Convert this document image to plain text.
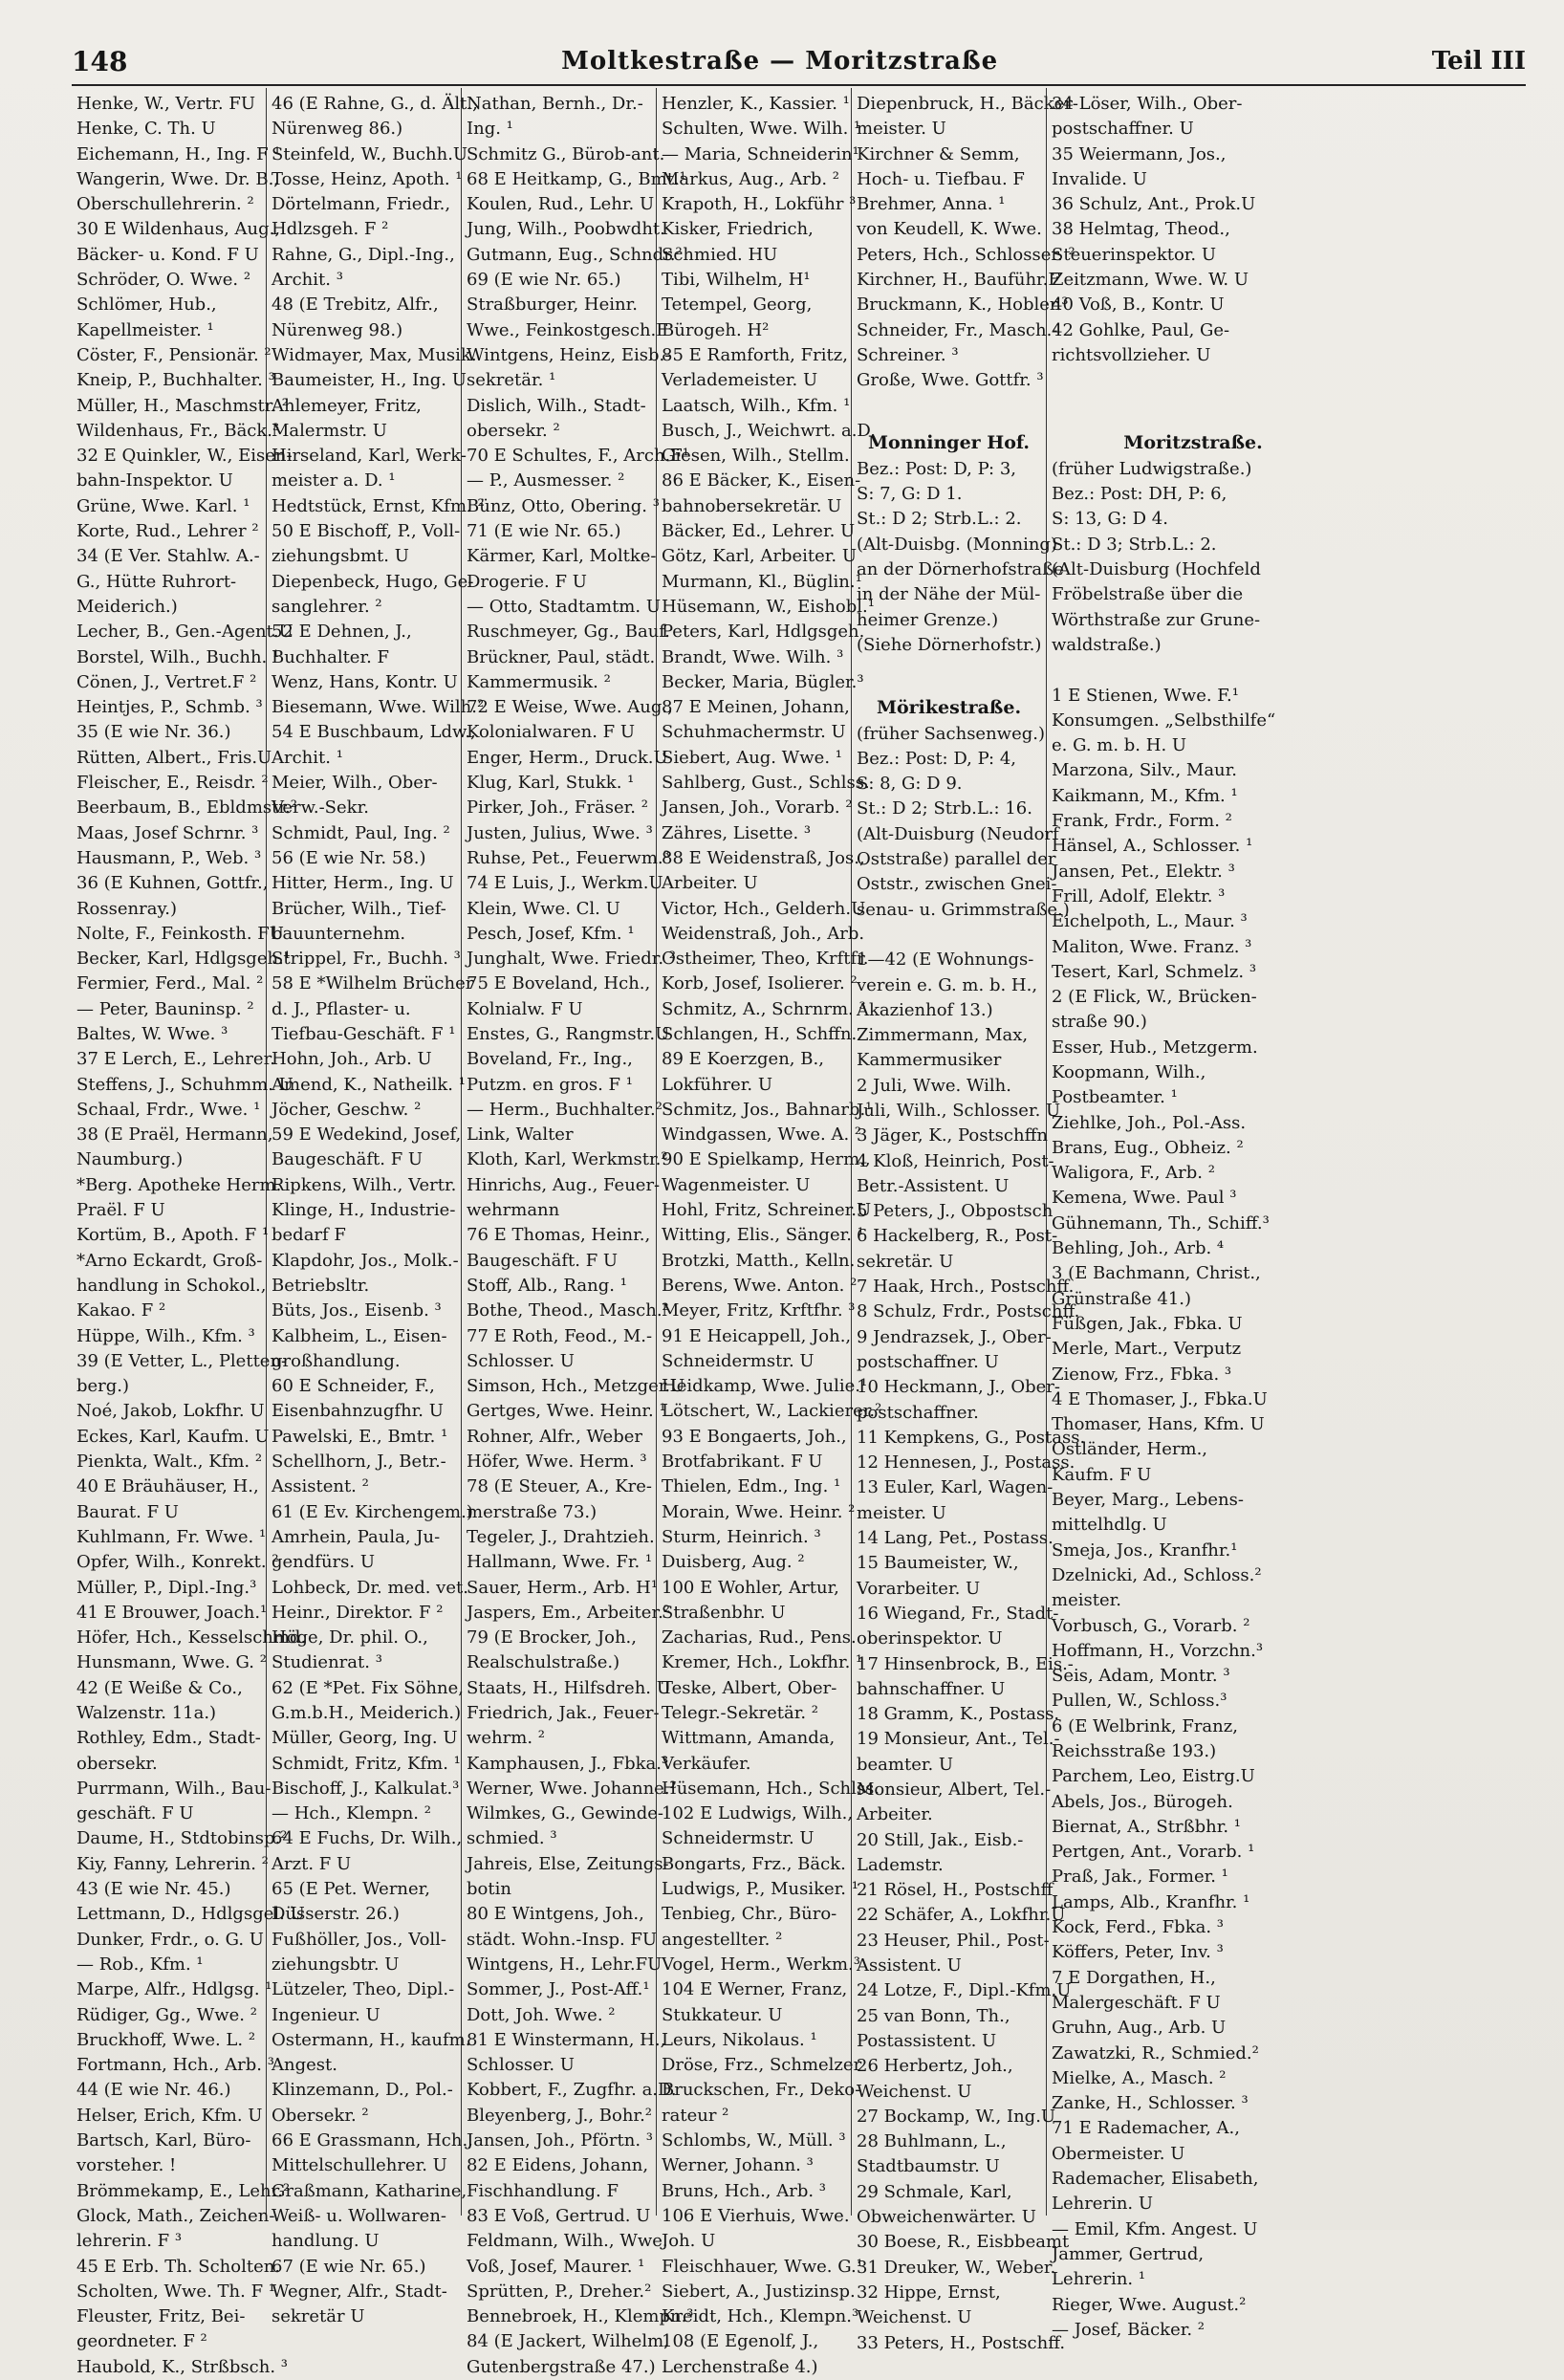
148	Moltkestraße — Moritzstraße	Teil III
Henke, W., Vertr. FU
Henke, C. Th. U
Eichemann, H., Ing. F ¹
Wangerin, Wwe. Dr. B.,
Oberschullehrerin. ²
30 E Wildenhaus, Aug.,
Bäcker- u. Kond. F U
Schröder, O. Wwe. ²
Schlömer, Hub.,
Kapellmeister. ¹
Cöster, F., Pensionär. ²
Kneip, P., Buchhalter. ³
Müller, H., Maschmstr. ²
Wildenhaus, Fr., Bäck.³
32 E Quinkler, W., Eisen-
bahn-Inspektor. U
Grüne, Wwe. Karl. ¹
Korte, Rud., Lehrer ²
34 (E Ver. Stahlw. A.-
G., Hütte Ruhrort-
Meiderich.)
Lecher, B., Gen.-Agent.U
Borstel, Wilh., Buchh. ¹
Cönen, J., Vertret.F ²
Heintjes, P., Schmb. ³
35 (E wie Nr. 36.)
Rütten, Albert., Fris.U
Fleischer, E., Reisdr. ²
Beerbaum, B., Ebldmstr.²
Maas, Josef Schrnr. ³
Hausmann, P., Web. ³
36 (E Kuhnen, Gottfr.,
Rossenray.)
Nolte, F., Feinkosth. FU
Becker, Karl, Hdlgsgeh.¹
Fermier, Ferd., Mal. ²
— Peter, Bauninsp. ²
Baltes, W. Wwe. ³
37 E Lerch, E., Lehrer.
Steffens, J., Schuhmm. U
Schaal, Frdr., Wwe. ¹
38 (E Praël, Hermann,
Naumburg.)
*Berg. Apotheke Herm.
Praël. F U
Kortüm, B., Apoth. F ¹
*Arno Eckardt, Groß-
handlung in Schokol.,
Kakao. F ²
Hüppe, Wilh., Kfm. ³
39 (E Vetter, L., Pletten-
berg.)
Noé, Jakob, Lokfhr. U
Eckes, Karl, Kaufm. U
Pienkta, Walt., Kfm. ²
40 E Bräuhäuser, H.,
Baurat. F U
Kuhlmann, Fr. Wwe. ¹
Opfer, Wilh., Konrekt. ²
Müller, P., Dipl.-Ing.³
41 E Brouwer, Joach.¹
Höfer, Hch., Kesselschmd.
Hunsmann, Wwe. G. ²
42 (E Weiße & Co.,
Walzenstr. 11a.)
Rothley, Edm., Stadt-
obersekr.
Purrmann, Wilh., Bau-
geschäft. F U
Daume, H., Stdtobinsp.²
Kiy, Fanny, Lehrerin. ²
43 (E wie Nr. 45.)
Lettmann, D., Hdlgsgel. U
Dunker, Frdr., o. G. U
— Rob., Kfm. ¹
Marpe, Alfr., Hdlgsg. ¹
Rüdiger, Gg., Wwe. ²
Bruckhoff, Wwe. L. ²
Fortmann, Hch., Arb. ³
44 (E wie Nr. 46.)
Helser, Erich, Kfm. U
Bartsch, Karl, Büro-
vorsteher. !
Brömmekamp, E., Lehr.²
Glock, Math., Zeichen-
lehrerin. F ³
45 E Erb. Th. Scholten.
Scholten, Wwe. Th. F ¹
Fleuster, Fritz, Bei-
geordneter. F ²
Haubold, K., Strßbsch. ³
46 (E Rahne, G., d. Ält.,
Nürenweg 86.)
Steinfeld, W., Buchh.U
Tosse, Heinz, Apoth. ¹
Dörtelmann, Friedr.,
Hdlzsgeh. F ²
Rahne, G., Dipl.-Ing.,
Archit. ³
48 (E Trebitz, Alfr.,
Nürenweg 98.)
Widmayer, Max, Musik.
Baumeister, H., Ing. U
Ahlemeyer, Fritz,
Malermstr. U
Hirseland, Karl, Werk-
meister a. D. ¹
Hedtstück, Ernst, Kfm. ²
50 E Bischoff, P., Voll-
ziehungsbmt. U
Diepenbeck, Hugo, Ge-
sanglehrer. ²
52 E Dehnen, J.,
Buchhalter. F
Wenz, Hans, Kontr. U
Biesemann, Wwe. Wilh.²
54 E Buschbaum, Ldw.,
Archit. ¹
Meier, Wilh., Ober-
Verw.-Sekr.
Schmidt, Paul, Ing. ²
56 (E wie Nr. 58.)
Hitter, Herm., Ing. U
Brücher, Wilh., Tief-
bauunternehm.
Strippel, Fr., Buchh. ³
58 E *Wilhelm Brücher
d. J., Pflaster- u.
Tiefbau-Geschäft. F ¹
Hohn, Joh., Arb. U
Amend, K., Natheilk. ¹
Jöcher, Geschw. ²
59 E Wedekind, Josef,
Baugeschäft. F U
Ripkens, Wilh., Vertr.
Klinge, H., Industrie-
bedarf F
Klapdohr, Jos., Molk.-
Betriebsltr.
Büts, Jos., Eisenb. ³
Kalbheim, L., Eisen-
großhandlung.
60 E Schneider, F.,
Eisenbahnzugfhr. U
Pawelski, E., Bmtr. ¹
Schellhorn, J., Betr.-
Assistent. ²
61 (E Ev. Kirchengem.)
Amrhein, Paula, Ju-
gendfürs. U
Lohbeck, Dr. med. vet.
Heinr., Direktor. F ²
Höge, Dr. phil. O.,
Studienrat. ³
62 (E *Pet. Fix Söhne,
G.m.b.H., Meiderich.)
Müller, Georg, Ing. U
Schmidt, Fritz, Kfm. ¹
Bischoff, J., Kalkulat.³
— Hch., Klempn. ²
64 E Fuchs, Dr. Wilh.,
Arzt. F U
65 (E Pet. Werner,
Düsserstr. 26.)
Fußhöller, Jos., Voll-
ziehungsbtr. U
Lützeler, Theo, Dipl.-
Ingenieur. U
Ostermann, H., kaufm.
Angest.
Klinzemann, D., Pol.-
Obersekr. ²
66 E Grassmann, Hch.,
Mittelschullehrer. U
Graßmann, Katharine,
Weiß- u. Wollwaren-
handlung. U
67 (E wie Nr. 65.)
Wegner, Alfr., Stadt-
sekretär U
Nathan, Bernh., Dr.-
Ing. ¹
Schmitz G., Bürob-ant.
68 E Heitkamp, G., Bmt.¹
Koulen, Rud., Lehr. U
Jung, Wilh., Poobwdht.
Gutmann, Eug., Schndr.²
69 (E wie Nr. 65.)
Straßburger, Heinr.
Wwe., Feinkostgesch.F
Wintgens, Heinz, Eisb.-
sekretär. ¹
Dislich, Wilh., Stadt-
obersekr. ²
70 E Schultes, F., Arch.F¹
— P., Ausmesser. ²
Bünz, Otto, Obering. ³
71 (E wie Nr. 65.)
Kärmer, Karl, Moltke-
Drogerie. F U
— Otto, Stadtamtm. U
Ruschmeyer, Gg., Bauf.
Brückner, Paul, städt.
Kammermusik. ²
72 E Weise, Wwe. Aug.,
Kolonialwaren. F U
Enger, Herm., Druck.U
Klug, Karl, Stukk. ¹
Pirker, Joh., Fräser. ²
Justen, Julius, Wwe. ³
Ruhse, Pet., Feuerwm.³
74 E Luis, J., Werkm.U
Klein, Wwe. Cl. U
Pesch, Josef, Kfm. ¹
Junghalt, Wwe. Friedr. ²
75 E Boveland, Hch.,
Kolnialw. F U
Enstes, G., Rangmstr.U
Boveland, Fr., Ing.,
Putzm. en gros. F ¹
— Herm., Buchhalter.²
Link, Walter
Kloth, Karl, Werkmstr.²
Hinrichs, Aug., Feuer-
wehrmann
76 E Thomas, Heinr.,
Baugeschäft. F U
Stoff, Alb., Rang. ¹
Bothe, Theod., Masch.²
77 E Roth, Feod., M.-
Schlosser. U
Simson, Hch., Metzger.U
Gertges, Wwe. Heinr. ¹
Rohner, Alfr., Weber
Höfer, Wwe. Herm. ³
78 (E Steuer, A., Kre-
merstraße 73.)
Tegeler, J., Drahtzieh.
Hallmann, Wwe. Fr. ¹
Sauer, Herm., Arb. H¹
Jaspers, Em., Arbeiter.²
79 (E Brocker, Joh.,
Realschulstraße.)
Staats, H., Hilfsdreh. U
Friedrich, Jak., Feuer-
wehrm. ²
Kamphausen, J., Fbka.³
Werner, Wwe. Johanne.²
Wilmkes, G., Gewinde-
schmied. ³
Jahreis, Else, Zeitungs-
botin
80 E Wintgens, Joh.,
städt. Wohn.-Insp. FU
Wintgens, H., Lehr.FU
Sommer, J., Post-Aff.¹
Dott, Joh. Wwe. ²
81 E Winstermann, H.,
Schlosser. U
Kobbert, F., Zugfhr. a.D.
Bleyenberg, J., Bohr.²
Jansen, Joh., Pförtn. ³
82 E Eidens, Johann,
Fischhandlung. F
83 E Voß, Gertrud. U
Feldmann, Wilh., Wwe.
Voß, Josef, Maurer. ¹
Sprütten, P., Dreher.²
Bennebroek, H., Klempn.³
84 (E Jackert, Wilhelm,
Gutenbergstraße 47.)
Henzler, K., Kassier. ¹
Schulten, Wwe. Wilh. ¹
— Maria, Schneiderin¹
Markus, Aug., Arb. ²
Krapoth, H., Lokführ ³
Kisker, Friedrich,
Schmied. HU
Tibi, Wilhelm, H¹
Tetempel, Georg,
Bürogeh. H²
85 E Ramforth, Fritz,
Verlademeister. U
Laatsch, Wilh., Kfm. ¹
Busch, J., Weichwrt. a.D.
Giesen, Wilh., Stellm.
86 E Bäcker, K., Eisen-
bahnobersekretär. U
Bäcker, Ed., Lehrer. U
Götz, Karl, Arbeiter. U
Murmann, Kl., Büglin.¹
Hüsemann, W., Eishobl.¹
Peters, Karl, Hdlgsgeh.
Brandt, Wwe. Wilh. ³
Becker, Maria, Bügler.³
87 E Meinen, Johann,
Schuhmachermstr. U
Siebert, Aug. Wwe. ¹
Sahlberg, Gust., Schlss.
Jansen, Joh., Vorarb. ²
Zähres, Lisette. ³
88 E Weidenstraß, Jos.,
Arbeiter. U
Victor, Hch., Gelderh.U
Weidenstraß, Joh., Arb.
Ostheimer, Theo, Krftfr.
Korb, Josef, Isolierer. ²
Schmitz, A., Schrnrm. ³
Schlangen, H., Schffn.
89 E Koerzgen, B.,
Lokführer. U
Schmitz, Jos., Bahnarb.¹
Windgassen, Wwe. A. ²
90 E Spielkamp, Herm.,
Wagenmeister. U
Hohl, Fritz, Schreiner.U
Witting, Elis., Sänger. ¹
Brotzki, Matth., Kelln.
Berens, Wwe. Anton. ²
Meyer, Fritz, Krftfhr. ³
91 E Heicappell, Joh.,
Schneidermstr. U
Heidkamp, Wwe. Julie.¹
Lötschert, W., Lackierer.²
93 E Bongaerts, Joh.,
Brotfabrikant. F U
Thielen, Edm., Ing. ¹
Morain, Wwe. Heinr. ²
Sturm, Heinrich. ³
Duisberg, Aug. ²
100 E Wohler, Artur,
Straßenbhr. U
Zacharias, Rud., Pens.
Kremer, Hch., Lokfhr. ¹
Teske, Albert, Ober-
Telegr.-Sekretär. ²
Wittmann, Amanda,
Verkäufer.
Hüsemann, Hch., Schlss.
102 E Ludwigs, Wilh.,
Schneidermstr. U
Bongarts, Frz., Bäck.
Ludwigs, P., Musiker. ¹
Tenbieg, Chr., Büro-
angestellter. ²
Vogel, Herm., Werkm.³
104 E Werner, Franz,
Stukkateur. U
Leurs, Nikolaus. ¹
Dröse, Frz., Schmelzer
Bruckschen, Fr., Deko-
rateur ²
Schlombs, W., Müll. ³
Werner, Johann. ³
Bruns, Hch., Arb. ³
106 E Vierhuis, Wwe.
Joh. U
Fleischhauer, Wwe. G.¹
Siebert, A., Justizinsp.
Kreidt, Hch., Klempn.³
108 (E Egenolf, J.,
Lerchenstraße 4.)
Diepenbruck, H., Bäcker-
meister. U
Kirchner & Semm,
Hoch- u. Tiefbau. F
Brehmer, Anna. ¹
von Keudell, K. Wwe.
Peters, Hch., Schlosser. ²
Kirchner, H., Bauführ.F
Bruckmann, K., Hobler.³
Schneider, Fr., Masch.-
Schreiner. ³
Große, Wwe. Gottfr. ³

Monninger Hof.
Bez.: Post: D, P: 3,
S: 7, G: D 1.
St.: D 2; Strb.L.: 2.
(Alt-Duisbg. (Monning)
an der Dörnerhofstraße
in der Nähe der Mül-
heimer Grenze.)
(Siehe Dörnerhofstr.)

Mörikestraße.
(früher Sachsenweg.)
Bez.: Post: D, P: 4,
S: 8, G: D 9.
St.: D 2; Strb.L.: 16.
(Alt-Duisburg (Neudorf
Oststraße) parallel der
Oststr., zwischen Gnei-
senau- u. Grimmstraße.)

1—42 (E Wohnungs-
verein e. G. m. b. H.,
Akazienhof 13.)
Zimmermann, Max,
Kammermusiker
2 Juli, Wwe. Wilh.
Juli, Wilh., Schlosser. U
3 Jäger, K., Postschffn
4 Kloß, Heinrich, Post-
Betr.-Assistent. U
5 Peters, J., Obpostsch
6 Hackelberg, R., Post-
sekretär. U
7 Haak, Hrch., Postschff.
8 Schulz, Frdr., Postschff.
9 Jendrazsek, J., Ober-
postschaffner. U
10 Heckmann, J., Ober-
postschaffner.
11 Kempkens, G., Postass.
12 Hennesen, J., Postass.
13 Euler, Karl, Wagen-
meister. U
14 Lang, Pet., Postass.
15 Baumeister, W.,
Vorarbeiter. U
16 Wiegand, Fr., Stadt-
oberinspektor. U
17 Hinsenbrock, B., Eis.-
bahnschaffner. U
18 Gramm, K., Postass.
19 Monsieur, Ant., Tel.-
beamter. U
Monsieur, Albert, Tel.-
Arbeiter.
20 Still, Jak., Eisb.-
Lademstr.
21 Rösel, H., Postschff
22 Schäfer, A., Lokfhr.U
23 Heuser, Phil., Post-
Assistent. U
24 Lotze, F., Dipl.-Kfm.U
25 van Bonn, Th.,
Postassistent. U
26 Herbertz, Joh.,
Weichenst. U
27 Bockamp, W., Ing.U
28 Buhlmann, L.,
Stadtbaumstr. U
29 Schmale, Karl,
Obweichenwärter. U
30 Boese, R., Eisbbeamt
31 Dreuker, W., Weber.
32 Hippe, Ernst,
Weichenst. U
33 Peters, H., Postschff.
34 Löser, Wilh., Ober-
postschaffner. U
35 Weiermann, Jos.,
Invalide. U
36 Schulz, Ant., Prok.U
38 Helmtag, Theod.,
Steuerinspektor. U
Zeitzmann, Wwe. W. U
40 Voß, B., Kontr. U
42 Gohlke, Paul, Ge-
richtsvollzieher. U

Moritzstraße.
(früher Ludwigstraße.)
Bez.: Post: DH, P: 6,
S: 13, G: D 4.
St.: D 3; Strb.L.: 2.
(Alt-Duisburg (Hochfeld
Fröbelstraße über die
Wörthstraße zur Grune-
waldstraße.)

1 E Stienen, Wwe. F.¹
Konsumgen. „Selbsthilfe“
e. G. m. b. H. U
Marzona, Silv., Maur.
Kaikmann, M., Kfm. ¹
Frank, Frdr., Form. ²
Hänsel, A., Schlosser. ¹
Jansen, Pet., Elektr. ³
Frill, Adolf, Elektr. ³
Eichelpoth, L., Maur. ³
Maliton, Wwe. Franz. ³
Tesert, Karl, Schmelz. ³
2 (E Flick, W., Brücken-
straße 90.)
Esser, Hub., Metzgerm.
Koopmann, Wilh.,
Postbeamter. ¹
Ziehlke, Joh., Pol.-Ass.
Brans, Eug., Obheiz. ²
Waligora, F., Arb. ²
Kemena, Wwe. Paul ³
Gühnemann, Th., Schiff.³
Behling, Joh., Arb. ⁴
3 (E Bachmann, Christ.,
Grünstraße 41.)
Füßgen, Jak., Fbka. U
Merle, Mart., Verputz
Zienow, Frz., Fbka. ³
4 E Thomaser, J., Fbka.U
Thomaser, Hans, Kfm. U
Ostländer, Herm.,
Kaufm. F U
Beyer, Marg., Lebens-
mittelhdlg. U
Smeja, Jos., Kranfhr.¹
Dzelnicki, Ad., Schloss.²
meister.
Vorbusch, G., Vorarb. ²
Hoffmann, H., Vorzchn.³
Seis, Adam, Montr. ³
Pullen, W., Schloss.³
6 (E Welbrink, Franz,
Reichsstraße 193.)
Parchem, Leo, Eistrg.U
Abels, Jos., Bürogeh.
Biernat, A., Strßbhr. ¹
Pertgen, Ant., Vorarb. ¹
Praß, Jak., Former. ¹
Lamps, Alb., Kranfhr. ¹
Kock, Ferd., Fbka. ³
Köffers, Peter, Inv. ³
7 E Dorgathen, H.,
Malergeschäft. F U
Gruhn, Aug., Arb. U
Zawatzki, R., Schmied.²
Mielke, A., Masch. ²
Zanke, H., Schlosser. ³
71 E Rademacher, A.,
Obermeister. U
Rademacher, Elisabeth,
Lehrerin. U
— Emil, Kfm. Angest. U
Jammer, Gertrud,
Lehrerin. ¹
Rieger, Wwe. August.²
— Josef, Bäcker. ²
